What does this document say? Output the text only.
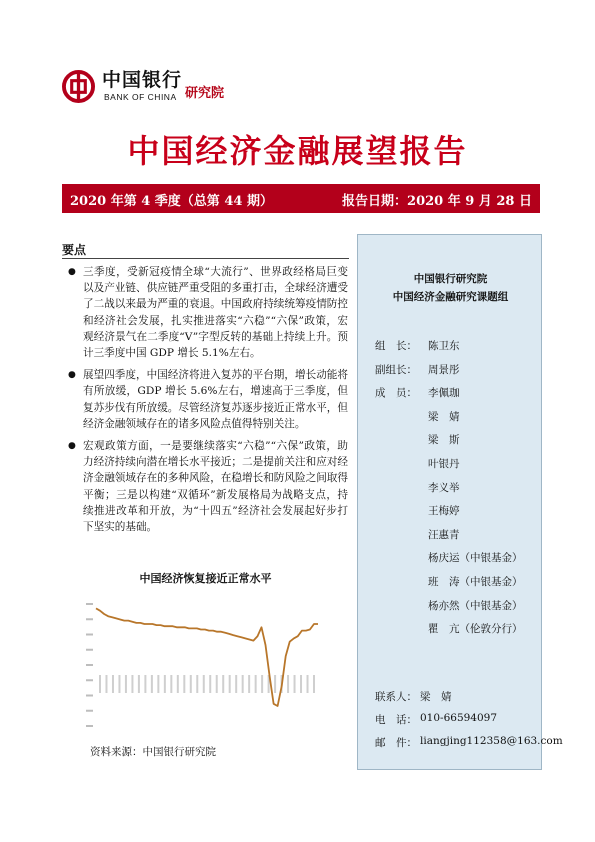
中国银行
BANK OF CHINA 研究院
中国经济金融展望报告
2020 年第 4 季度（总第 44 期）	报告日期：2020 年 9 月 28 日
要点
● 三季度，受新冠疫情全球“大流行”、世界政经格局巨变以及产业链、供应链严重受阻的多重打击，全球经济遭受了二战以来最为严重的衰退。中国政府持续统筹疫情防控和经济社会发展，扎实推进落实“六稳”“六保”政策，宏观经济景气在二季度“V”字型反转的基础上持续上升。预计三季度中国 GDP 增长 5.1%左右。
● 展望四季度，中国经济将进入复苏的平台期，增长动能将有所放缓，GDP 增长 5.6%左右，增速高于三季度，但复苏步伐有所放缓。尽管经济复苏逐步接近正常水平，但经济金融领域存在的诸多风险点值得特别关注。
● 宏观政策方面，一是要继续落实“六稳”“六保”政策，助力经济持续向潜在增长水平接近；二是提前关注和应对经济金融领域存在的多种风险，在稳增长和防风险之间取得平衡；三是以构建“双循环”新发展格局为战略支点，持续推进改革和开放，为“十四五”经济社会发展起好步打下坚实的基础。
中国经济恢复接近正常水平
资料来源：中国银行研究院
中国银行研究院
中国经济金融研究课题组
组　长： 陈卫东
副组长： 周景彤
成　员： 李佩珈
梁　婧
梁　斯
叶银丹
李义举
王梅婷
汪惠青
杨庆运（中银基金）
班　涛（中银基金）
杨亦然（中银基金）
瞿　亢（伦敦分行）
联系人： 梁　婧
电　话： 010-66594097
邮　件： liangjing112358@163.com
